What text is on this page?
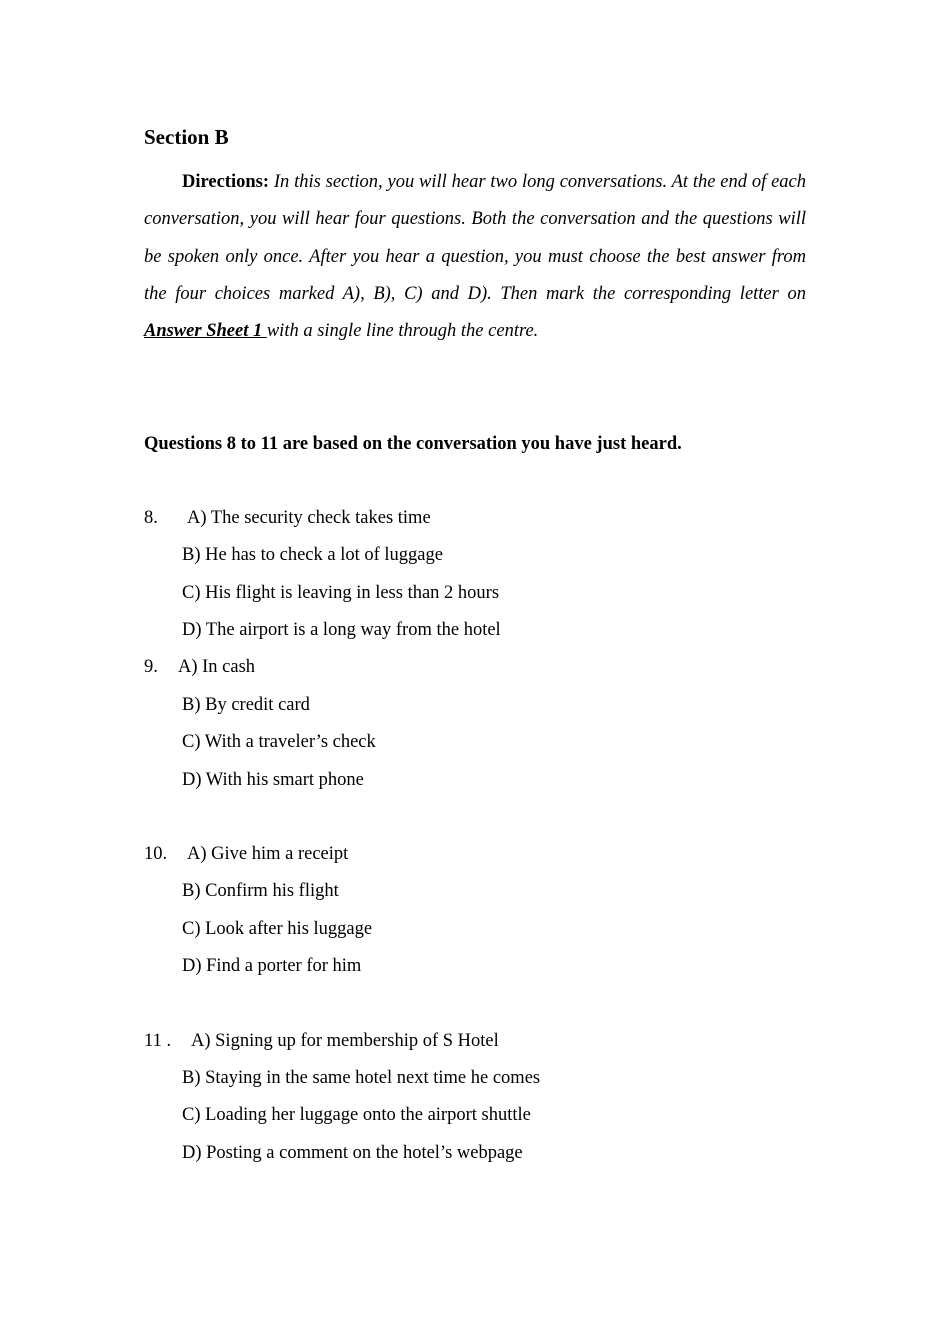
Section B

Directions: In this section, you will hear two long conversations. At the end of each conversation, you will hear four questions. Both the conversation and the questions will be spoken only once. After you hear a question, you must choose the best answer from the four choices marked A), B), C) and D). Then mark the corresponding letter on Answer Sheet 1 with a single line through the centre.

Questions 8 to 11 are based on the conversation you have just heard.

8. A) The security check takes time
B) He has to check a lot of luggage
C) His flight is leaving in less than 2 hours
D) The airport is a long way from the hotel
9. A) In cash
B) By credit card
C) With a traveler’s check
D) With his smart phone
10. A) Give him a receipt
B) Confirm his flight
C) Look after his luggage
D) Find a porter for him
11 . A) Signing up for membership of S Hotel
B) Staying in the same hotel next time he comes
C) Loading her luggage onto the airport shuttle
D) Posting a comment on the hotel’s webpage
